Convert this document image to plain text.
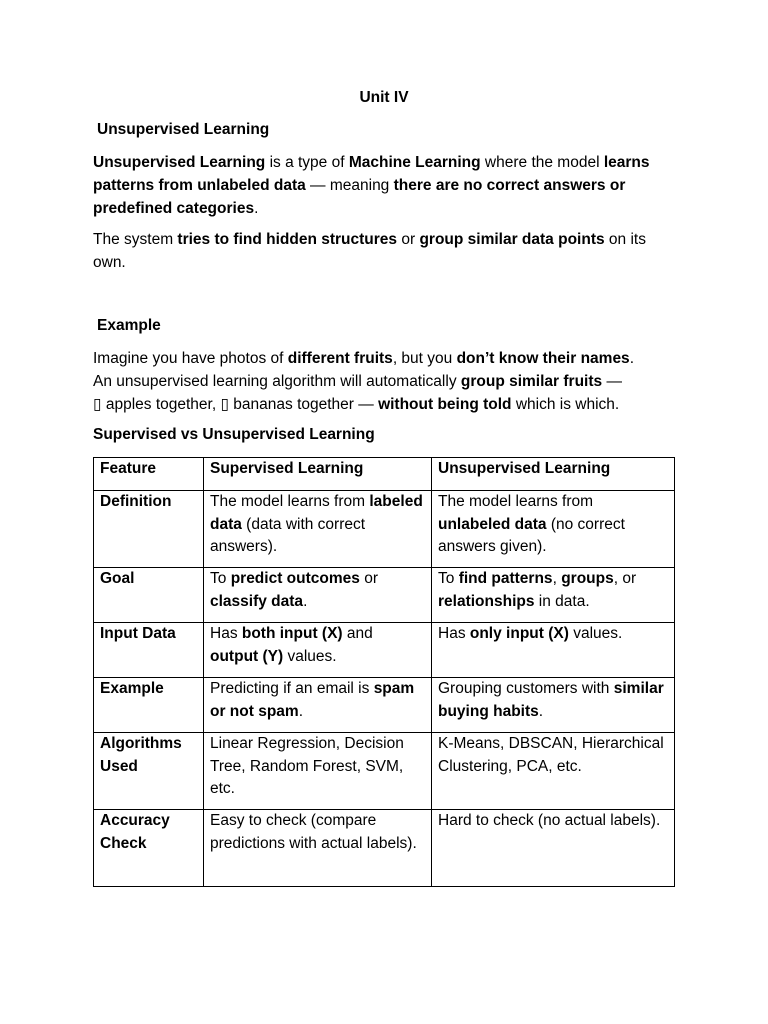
Unit IV
Unsupervised Learning
Unsupervised Learning is a type of Machine Learning where the model learns patterns from unlabeled data — meaning there are no correct answers or predefined categories.
The system tries to find hidden structures or group similar data points on its own.
Example
Imagine you have photos of different fruits, but you don’t know their names.
An unsupervised learning algorithm will automatically group similar fruits —
▯ apples together, ▯ bananas together — without being told which is which.
Supervised vs Unsupervised Learning
Feature	Supervised Learning	Unsupervised Learning
Definition	The model learns from labeled data (data with correct answers).	The model learns from unlabeled data (no correct answers given).
Goal	To predict outcomes or classify data.	To find patterns, groups, or relationships in data.
Input Data	Has both input (X) and output (Y) values.	Has only input (X) values.
Example	Predicting if an email is spam or not spam.	Grouping customers with similar buying habits.
Algorithms Used	Linear Regression, Decision Tree, Random Forest, SVM, etc.	K-Means, DBSCAN, Hierarchical Clustering, PCA, etc.
Accuracy Check	Easy to check (compare predictions with actual labels).	Hard to check (no actual labels).
